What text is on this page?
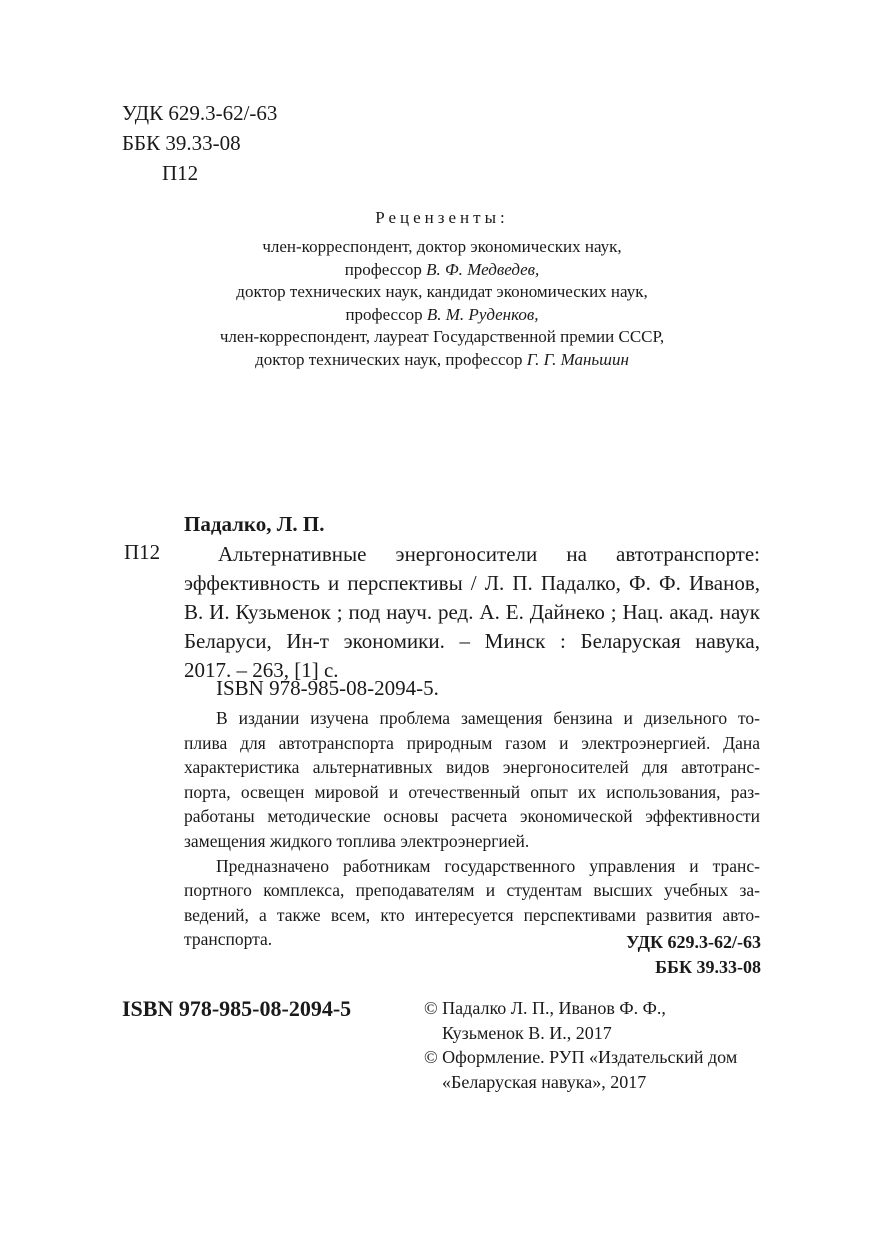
УДК 629.3-62/-63
ББК 39.33-08
П12
Рецензенты:
член-корреспондент, доктор экономических наук,
профессор В. Ф. Медведев,
доктор технических наук, кандидат экономических наук,
профессор В. М. Руденков,
член-корреспондент, лауреат Государственной премии СССР,
доктор технических наук, профессор Г. Г. Маньшин
Падалко, Л. П.
П12	Альтернативные энергоносители на автотранспорте:
эффективность и перспективы / Л. П. Падалко, Ф. Ф. Иванов,
В. И. Кузьменок ; под науч. ред. А. Е. Дайнеко ; Нац. акад. наук
Беларуси, Ин-т экономики. – Минск : Беларуская навука,
2017. – 263, [1] с.
ISBN 978-985-08-2094-5.
В издании изучена проблема замещения бензина и дизельного то-
плива для автотранспорта природным газом и электроэнергией. Дана
характеристика альтернативных видов энергоносителей для автотранс-
порта, освещен мировой и отечественный опыт их использования, раз-
работаны методические основы расчета экономической эффективности
замещения жидкого топлива электроэнергией.
Предназначено работникам государственного управления и транс-
портного комплекса, преподавателям и студентам высших учебных за-
ведений, а также всем, кто интересуется перспективами развития авто-
транспорта.	УДК 629.3-62/-63
ББК 39.33-08
ISBN 978-985-08-2094-5	© Падалко Л. П., Иванов Ф. Ф.,
Кузьменок В. И., 2017
© Оформление. РУП «Издательский дом
«Беларуская навука», 2017
